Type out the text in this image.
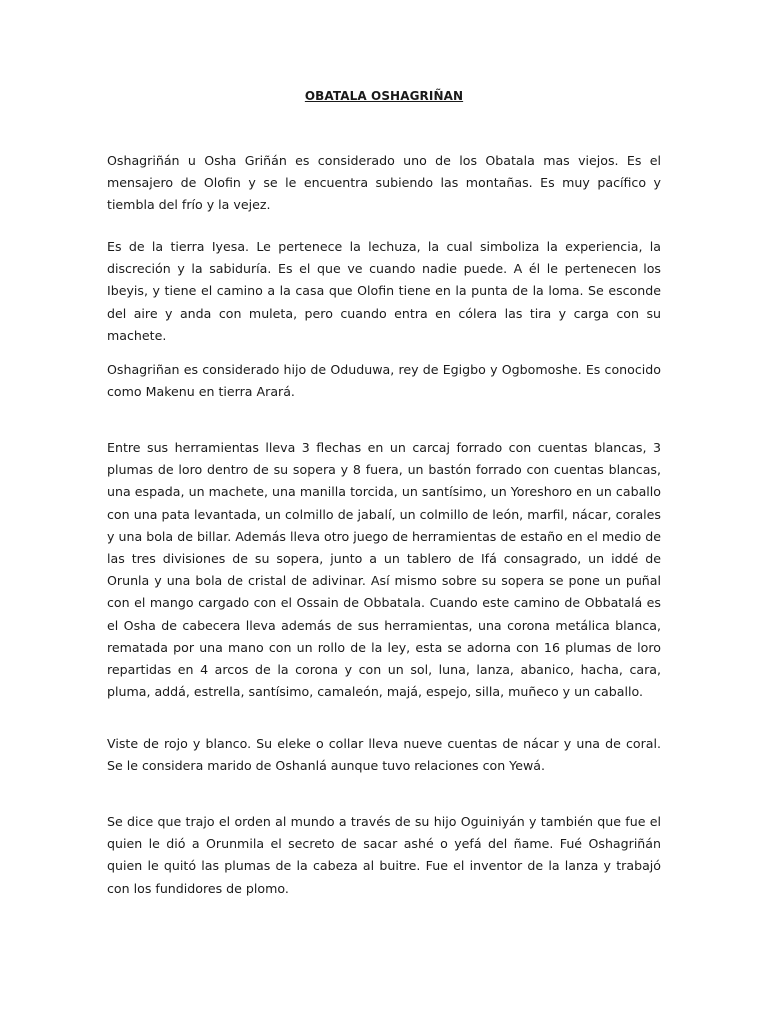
OBATALA OSHAGRIÑAN

Oshagriñán u Osha Griñán es considerado uno de los Obatala mas viejos. Es el mensajero de Olofin y se le encuentra subiendo las montañas. Es muy pacífico y tiembla del frío y la vejez.

Es de la tierra Iyesa. Le pertenece la lechuza, la cual simboliza la experiencia, la discreción y la sabiduría. Es el que ve cuando nadie puede. A él le pertenecen los Ibeyis, y tiene el camino a la casa que Olofin tiene en la punta de la loma. Se esconde del aire y anda con muleta, pero cuando entra en cólera las tira y carga con su machete.

Oshagriñan es considerado hijo de Oduduwa, rey de Egigbo y Ogbomoshe. Es conocido como Makenu en tierra Arará.

Entre sus herramientas lleva 3 flechas en un carcaj forrado con cuentas blancas, 3 plumas de loro dentro de su sopera y 8 fuera, un bastón forrado con cuentas blancas, una espada, un machete, una manilla torcida, un santísimo, un Yoreshoro en un caballo con una pata levantada, un colmillo de jabalí, un colmillo de león, marfil, nácar, corales y una bola de billar. Además lleva otro juego de herramientas de estaño en el medio de las tres divisiones de su sopera, junto a un tablero de Ifá consagrado, un iddé de Orunla y una bola de cristal de adivinar. Así mismo sobre su sopera se pone un puñal con el mango cargado con el Ossain de Obbatala. Cuando este camino de Obbatalá es el Osha de cabecera lleva además de sus herramientas, una corona metálica blanca, rematada por una mano con un rollo de la ley, esta se adorna con 16 plumas de loro repartidas en 4 arcos de la corona y con un sol, luna, lanza, abanico, hacha, cara, pluma, addá, estrella, santísimo, camaleón, majá, espejo, silla, muñeco y un caballo.

Viste de rojo y blanco. Su eleke o collar lleva nueve cuentas de nácar y una de coral. Se le considera marido de Oshanlá aunque tuvo relaciones con Yewá.

Se dice que trajo el orden al mundo a través de su hijo Oguiniyán y también que fue el quien le dió a Orunmila el secreto de sacar ashé o yefá del ñame. Fué Oshagriñán quien le quitó las plumas de la cabeza al buitre. Fue el inventor de la lanza y trabajó con los fundidores de plomo.
